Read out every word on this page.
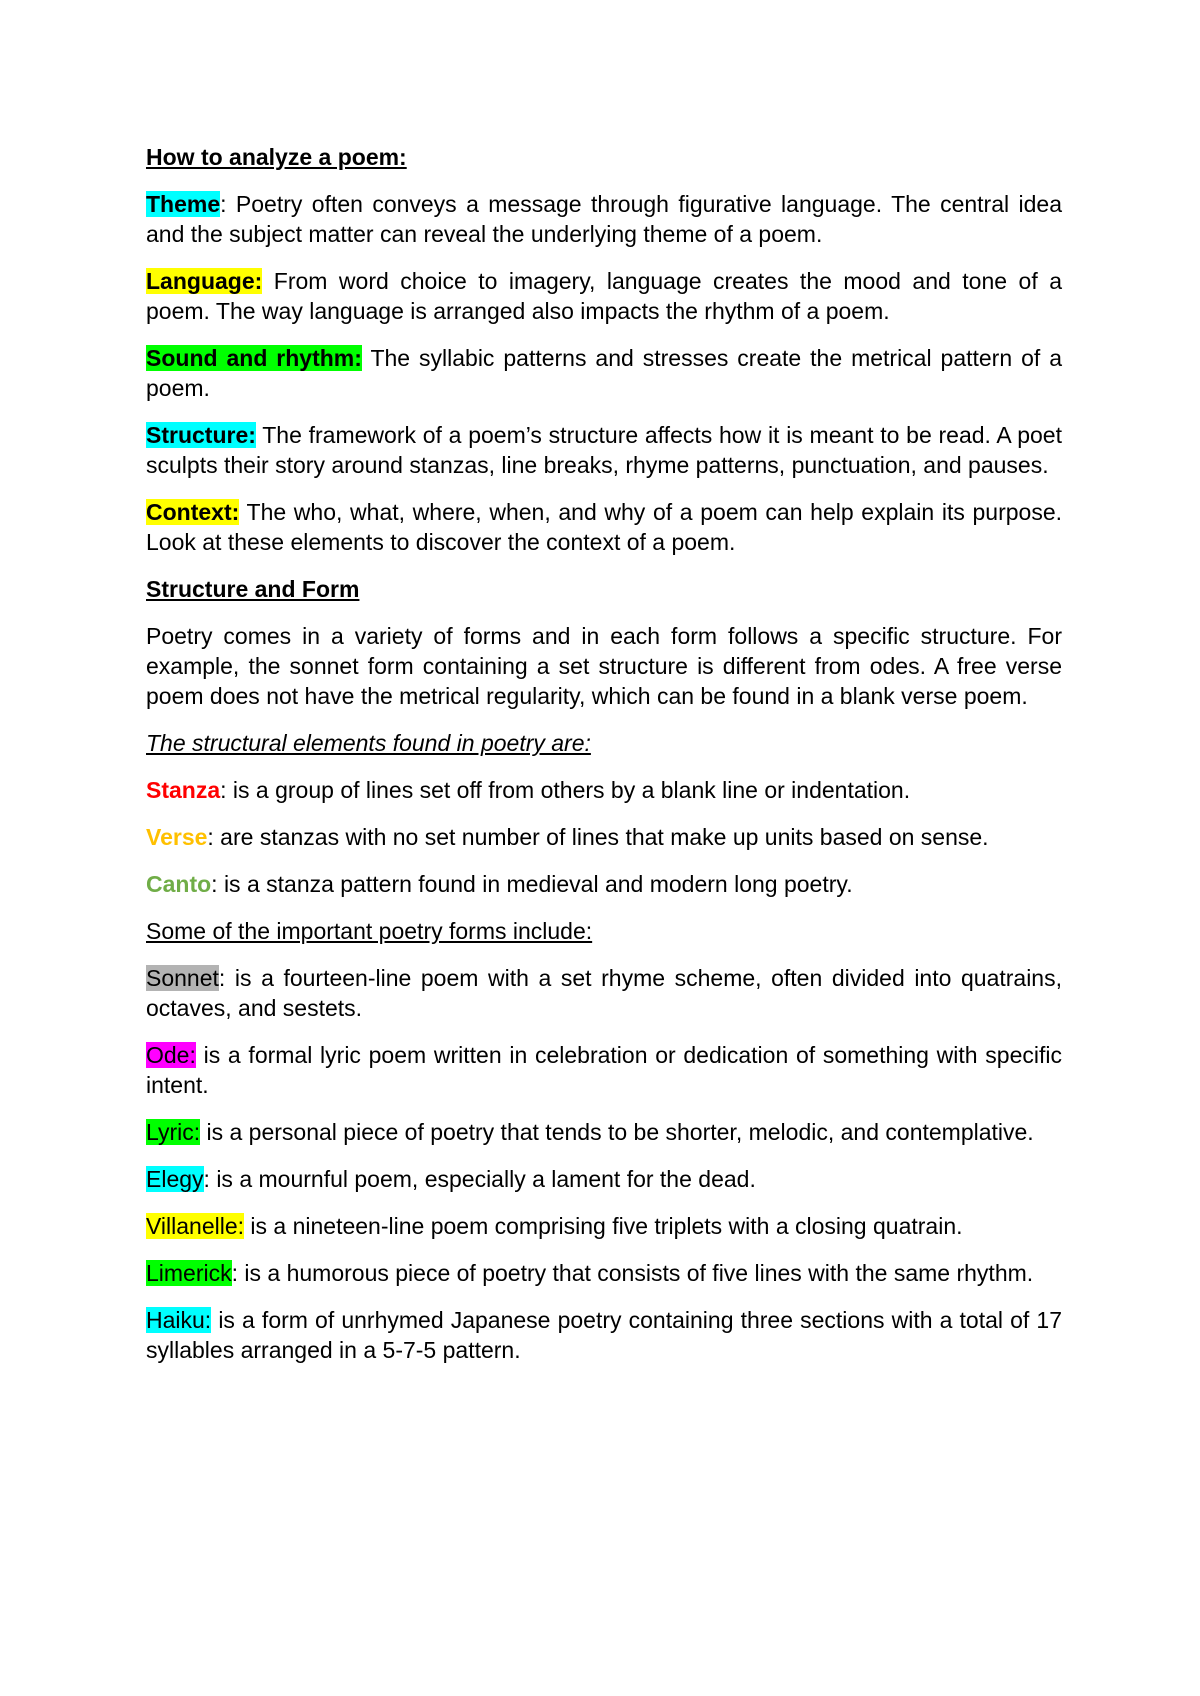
How to analyze a poem:

Theme: Poetry often conveys a message through figurative language. The central idea and the subject matter can reveal the underlying theme of a poem.

Language: From word choice to imagery, language creates the mood and tone of a poem. The way language is arranged also impacts the rhythm of a poem.

Sound and rhythm: The syllabic patterns and stresses create the metrical pattern of a poem.

Structure: The framework of a poem’s structure affects how it is meant to be read. A poet sculpts their story around stanzas, line breaks, rhyme patterns, punctuation, and pauses.

Context: The who, what, where, when, and why of a poem can help explain its purpose. Look at these elements to discover the context of a poem.

Structure and Form

Poetry comes in a variety of forms and in each form follows a specific structure. For example, the sonnet form containing a set structure is different from odes. A free verse poem does not have the metrical regularity, which can be found in a blank verse poem.

The structural elements found in poetry are:

Stanza: is a group of lines set off from others by a blank line or indentation.

Verse: are stanzas with no set number of lines that make up units based on sense.

Canto: is a stanza pattern found in medieval and modern long poetry.

Some of the important poetry forms include:

Sonnet: is a fourteen-line poem with a set rhyme scheme, often divided into quatrains, octaves, and sestets.

Ode: is a formal lyric poem written in celebration or dedication of something with specific intent.

Lyric: is a personal piece of poetry that tends to be shorter, melodic, and contemplative.

Elegy: is a mournful poem, especially a lament for the dead.

Villanelle: is a nineteen-line poem comprising five triplets with a closing quatrain.

Limerick: is a humorous piece of poetry that consists of five lines with the same rhythm.

Haiku: is a form of unrhymed Japanese poetry containing three sections with a total of 17 syllables arranged in a 5-7-5 pattern.
